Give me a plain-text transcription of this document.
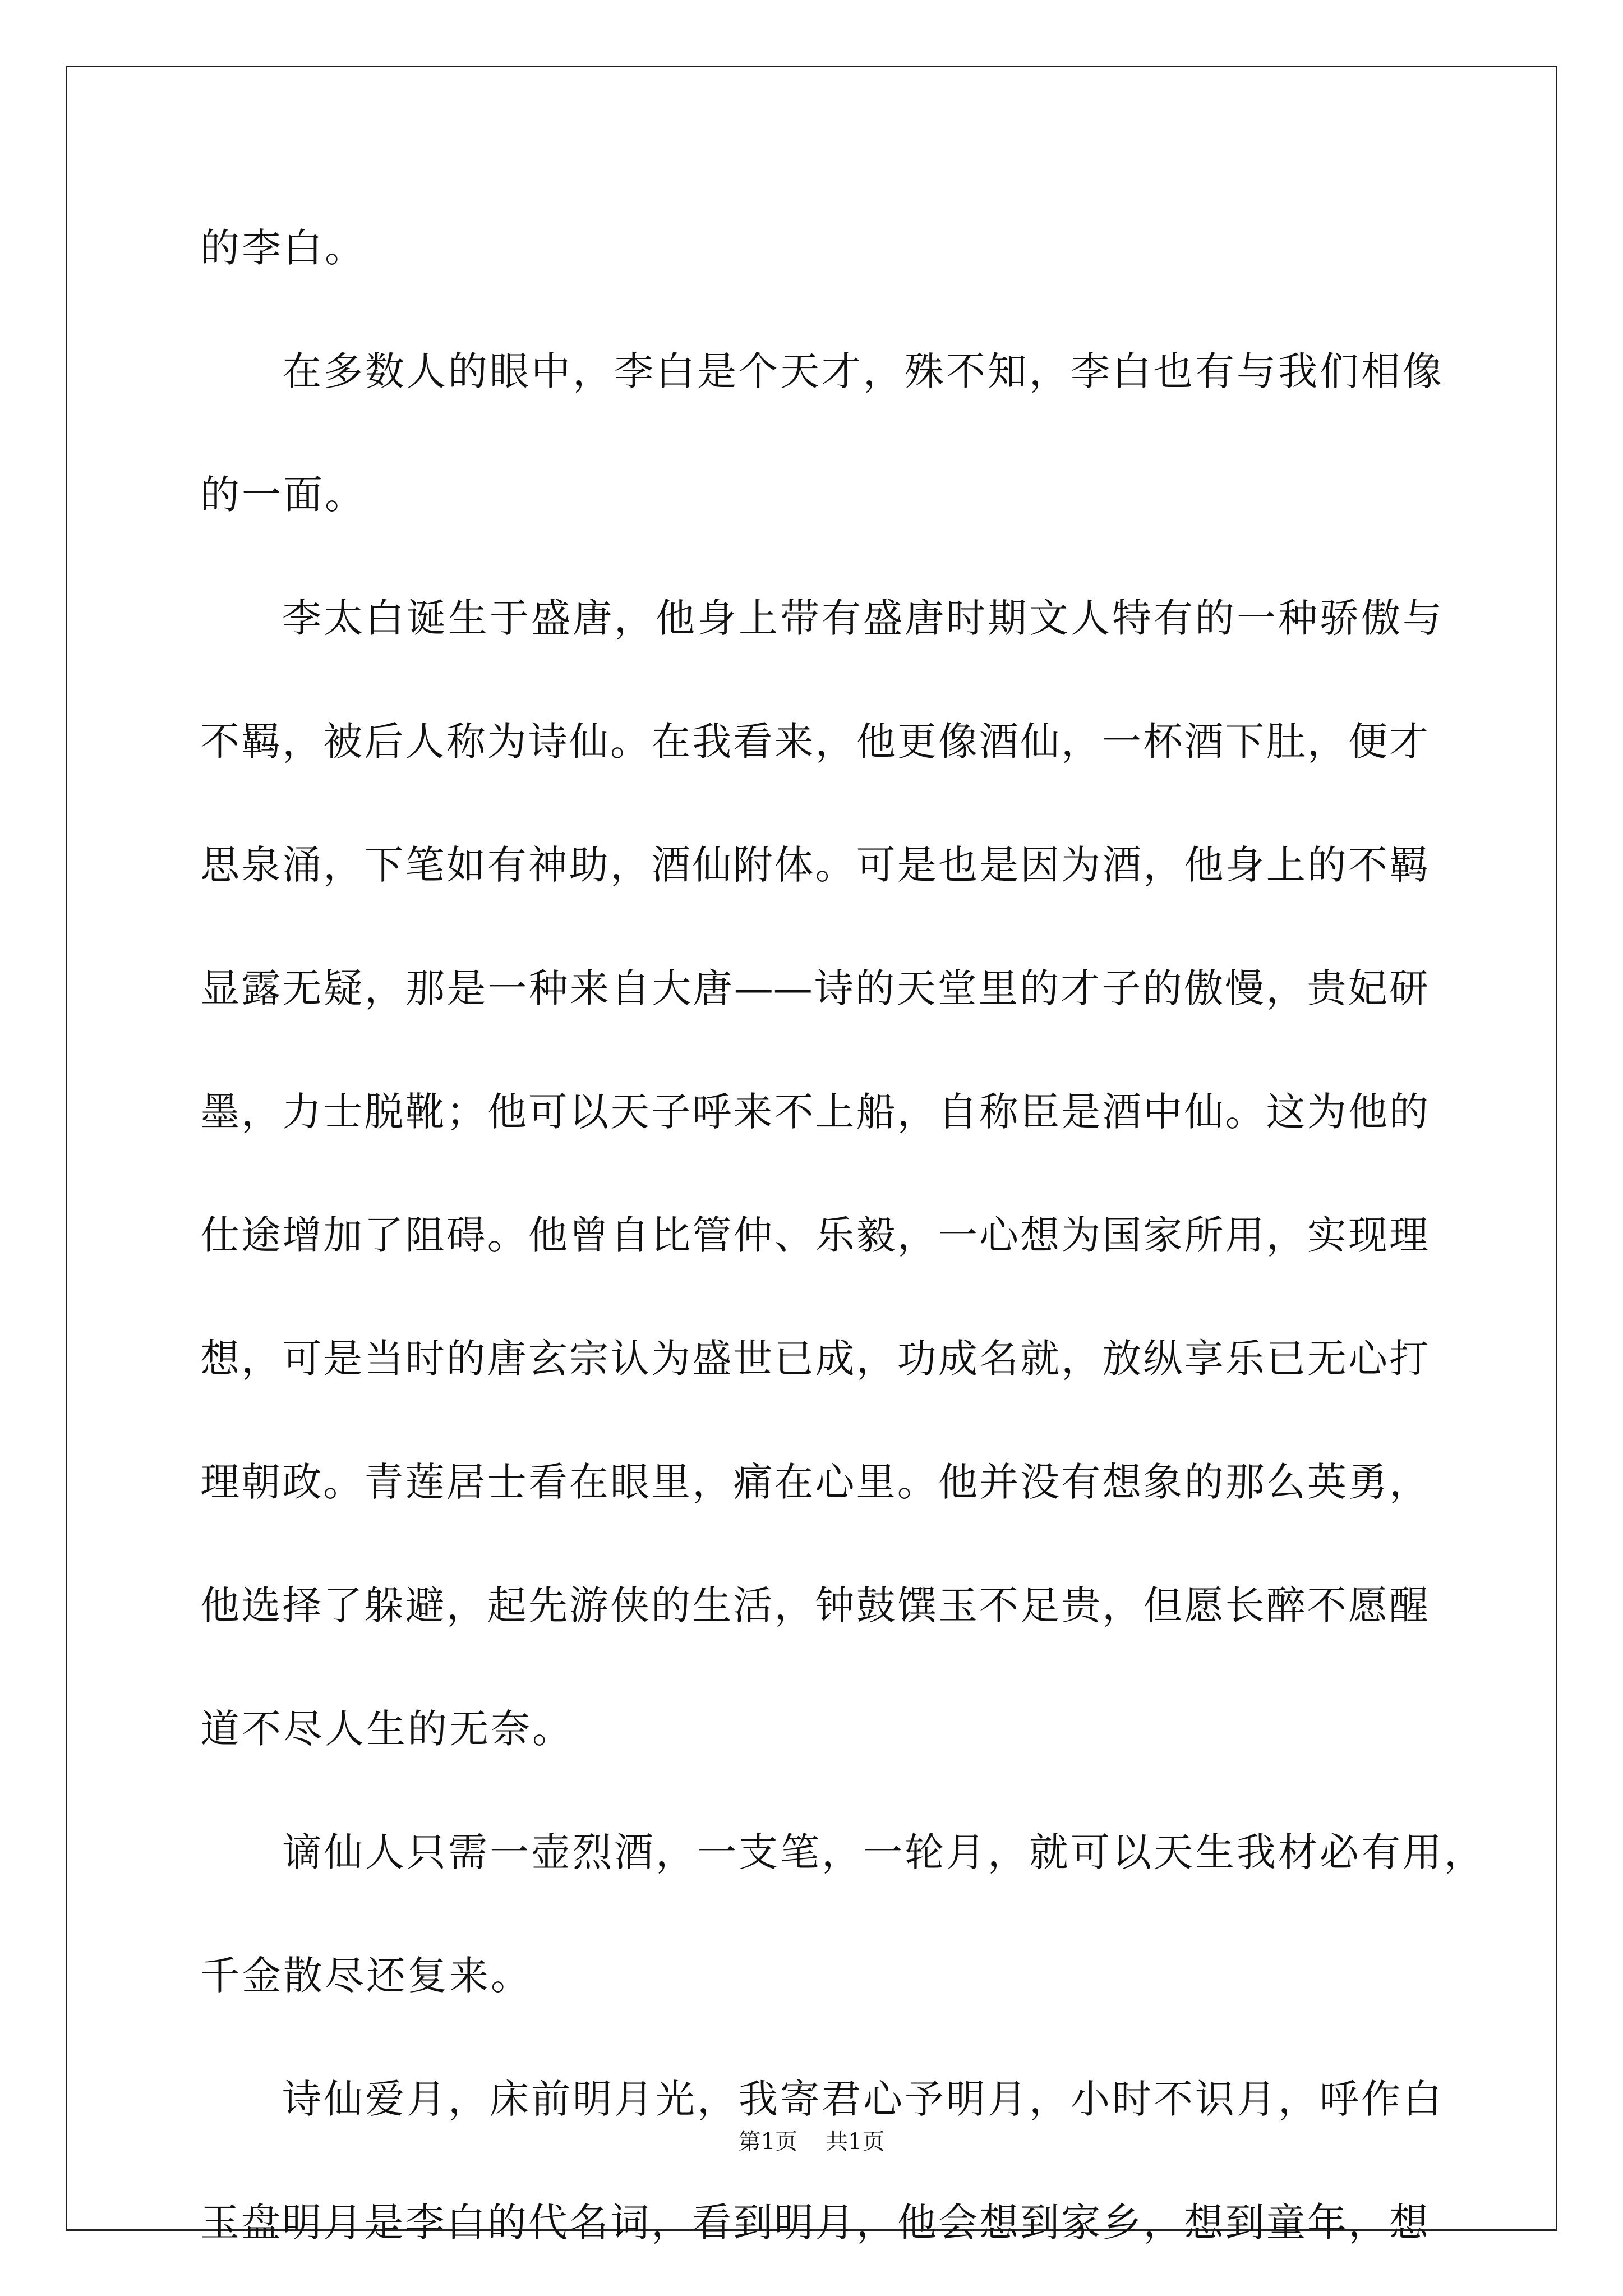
的李白。
在多数人的眼中，李白是个天才，殊不知，李白也有与我们相像
的一面。
李太白诞生于盛唐，他身上带有盛唐时期文人特有的一种骄傲与
不羁，被后人称为诗仙。在我看来，他更像酒仙，一杯酒下肚，便才
思泉涌，下笔如有神助，酒仙附体。可是也是因为酒，他身上的不羁
显露无疑，那是一种来自大唐——诗的天堂里的才子的傲慢，贵妃研
墨，力士脱靴；他可以天子呼来不上船，自称臣是酒中仙。这为他的
仕途增加了阻碍。他曾自比管仲、乐毅，一心想为国家所用，实现理
想，可是当时的唐玄宗认为盛世已成，功成名就，放纵享乐已无心打
理朝政。青莲居士看在眼里，痛在心里。他并没有想象的那么英勇，
他选择了躲避，起先游侠的生活，钟鼓馔玉不足贵，但愿长醉不愿醒
道不尽人生的无奈。
谪仙人只需一壶烈酒，一支笔，一轮月，就可以天生我材必有用，
千金散尽还复来。
诗仙爱月，床前明月光，我寄君心予明月，小时不识月，呼作白
玉盘明月是李白的代名词，看到明月，他会想到家乡，想到童年，想
第1页 共1页
